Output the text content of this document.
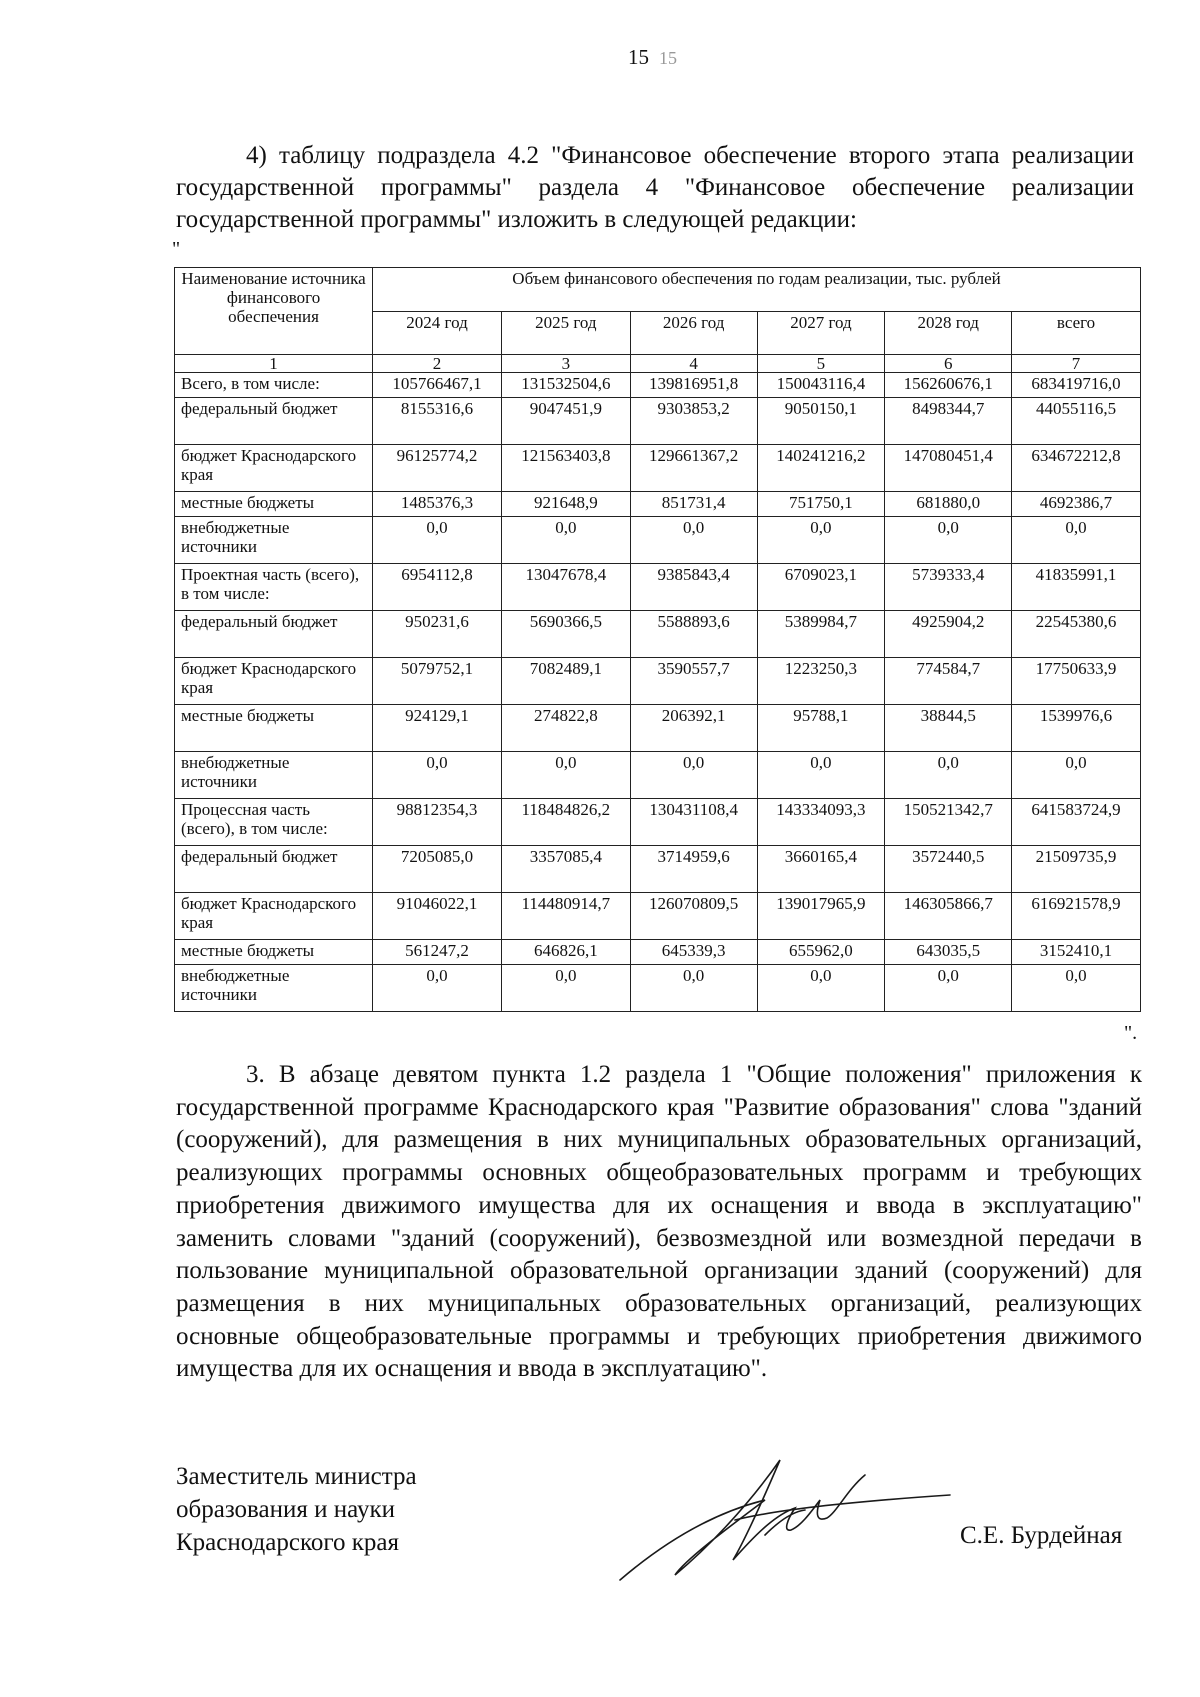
15 15

4) таблицу подраздела 4.2 "Финансовое обеспечение второго этапа реализации государственной программы" раздела 4 "Финансовое обеспечение реализации государственной программы" изложить в следующей редакции:

"
Наименование источника финансового обеспечения	Объем финансового обеспечения по годам реализации, тыс. рублей					
	2024 год	2025 год	2026 год	2027 год	2028 год	всего
1	2	3	4	5	6	7
Всего, в том числе:	105766467,1	131532504,6	139816951,8	150043116,4	156260676,1	683419716,0
федеральный бюджет	8155316,6	9047451,9	9303853,2	9050150,1	8498344,7	44055116,5
бюджет Краснодарского края	96125774,2	121563403,8	129661367,2	140241216,2	147080451,4	634672212,8
местные бюджеты	1485376,3	921648,9	851731,4	751750,1	681880,0	4692386,7
внебюджетные источники	0,0	0,0	0,0	0,0	0,0	0,0
Проектная часть (всего), в том числе:	6954112,8	13047678,4	9385843,4	6709023,1	5739333,4	41835991,1
федеральный бюджет	950231,6	5690366,5	5588893,6	5389984,7	4925904,2	22545380,6
бюджет Краснодарского края	5079752,1	7082489,1	3590557,7	1223250,3	774584,7	17750633,9
местные бюджеты	924129,1	274822,8	206392,1	95788,1	38844,5	1539976,6
внебюджетные источники	0,0	0,0	0,0	0,0	0,0	0,0
Процессная часть (всего), в том числе:	98812354,3	118484826,2	130431108,4	143334093,3	150521342,7	641583724,9
федеральный бюджет	7205085,0	3357085,4	3714959,6	3660165,4	3572440,5	21509735,9
бюджет Краснодарского края	91046022,1	114480914,7	126070809,5	139017965,9	146305866,7	616921578,9
местные бюджеты	561247,2	646826,1	645339,3	655962,0	643035,5	3152410,1
внебюджетные источники	0,0	0,0	0,0	0,0	0,0	0,0
".

3. В абзаце девятом пункта 1.2 раздела 1 "Общие положения" приложения к государственной программе Краснодарского края "Развитие образования" слова "зданий (сооружений), для размещения в них муниципальных образовательных организаций, реализующих программы основных общеобразовательных программ и требующих приобретения движимого имущества для их оснащения и ввода в эксплуатацию" заменить словами "зданий (сооружений), безвозмездной или возмездной передачи в пользование муниципальной образовательной организации зданий (сооружений) для размещения в них муниципальных образовательных организаций, реализующих основные общеобразовательные программы и требующих приобретения движимого имущества для их оснащения и ввода в эксплуатацию".

Заместитель министра
образования и науки
Краснодарского края	С.Е. Бурдейная
